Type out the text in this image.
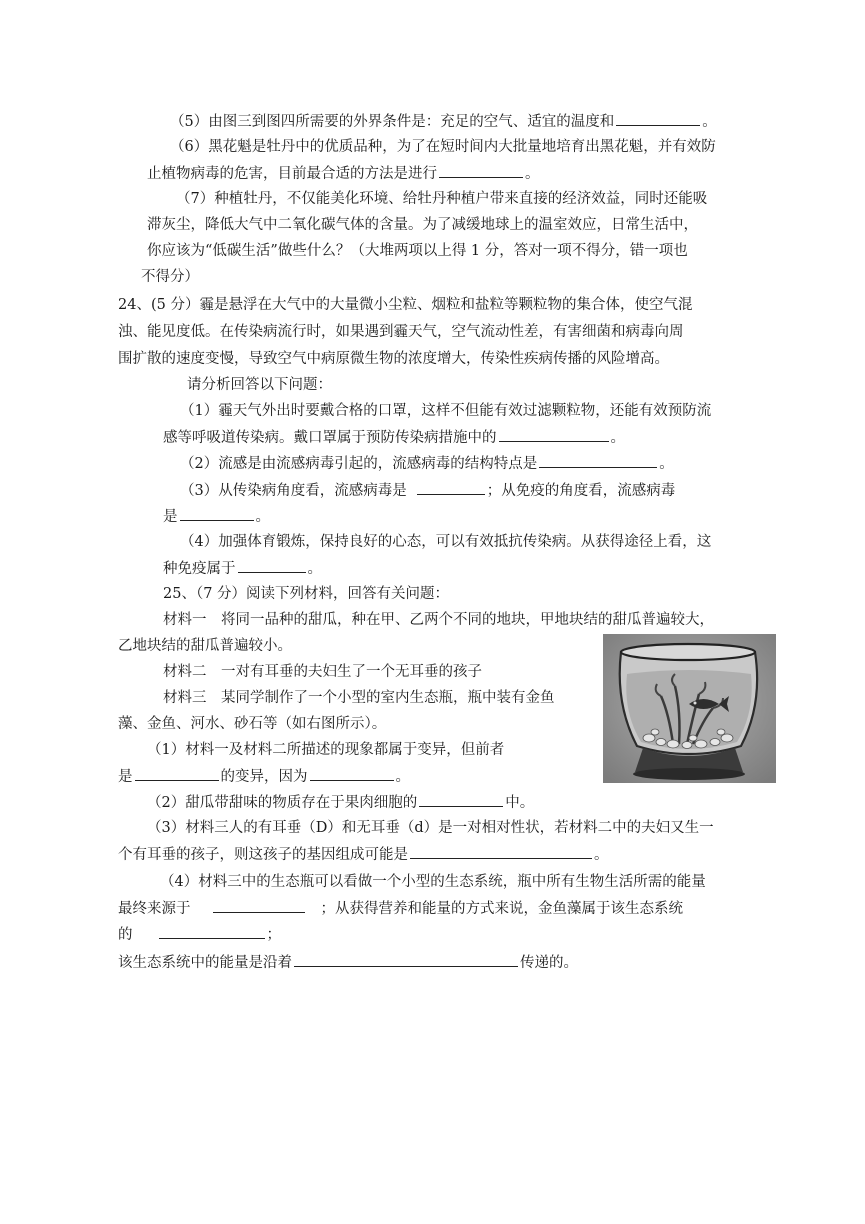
（5）由图三到图四所需要的外界条件是：充足的空气、适宜的温度和	。
（6）黑花魁是牡丹中的优质品种，为了在短时间内大批量地培育出黑花魁，并有效防
止植物病毒的危害，目前最合适的方法是进行	。
（7）种植牡丹，不仅能美化环境、给牡丹种植户带来直接的经济效益，同时还能吸
滞灰尘，降低大气中二氧化碳气体的含量。为了减缓地球上的温室效应，日常生活中，
你应该为“低碳生活”做些什么？（大堆两项以上得 1 分，答对一项不得分，错一项也
不得分）
24、(5 分）霾是悬浮在大气中的大量微小尘粒、烟粒和盐粒等颗粒物的集合体，使空气混
浊、能见度低。在传染病流行时，如果遇到霾天气，空气流动性差，有害细菌和病毒向周
围扩散的速度变慢，导致空气中病原微生物的浓度增大，传染性疾病传播的风险增高。
请分析回答以下问题：
（1）霾天气外出时要戴合格的口罩，这样不但能有效过滤颗粒物，还能有效预防流
感等呼吸道传染病。戴口罩属于预防传染病措施中的	。
（2）流感是由流感病毒引起的，流感病毒的结构特点是	。
（3）从传染病角度看，流感病毒是	；从免疫的角度看，流感病毒
是	。
（4）加强体育锻炼，保持良好的心态，可以有效抵抗传染病。从获得途径上看，这
种免疫属于	。
25、（7 分）阅读下列材料，回答有关问题：
材料一　将同一品种的甜瓜，种在甲、乙两个不同的地块，甲地块结的甜瓜普遍较大，
乙地块结的甜瓜普遍较小。
材料二　一对有耳垂的夫妇生了一个无耳垂的孩子
材料三　某同学制作了一个小型的室内生态瓶，瓶中装有金鱼
藻、金鱼、河水、砂石等（如右图所示）。
（1）材料一及材料二所描述的现象都属于变异，但前者
是	的变异，因为	。
（2）甜瓜带甜味的物质存在于果肉细胞的	中。
（3）材料三人的有耳垂（D）和无耳垂（d）是一对相对性状，若材料二中的夫妇又生一
个有耳垂的孩子，则这孩子的基因组成可能是	。
（4）材料三中的生态瓶可以看做一个小型的生态系统，瓶中所有生物生活所需的能量
最终来源于	；从获得营养和能量的方式来说，金鱼藻属于该生态系统
的	；
该生态系统中的能量是沿着	传递的。
